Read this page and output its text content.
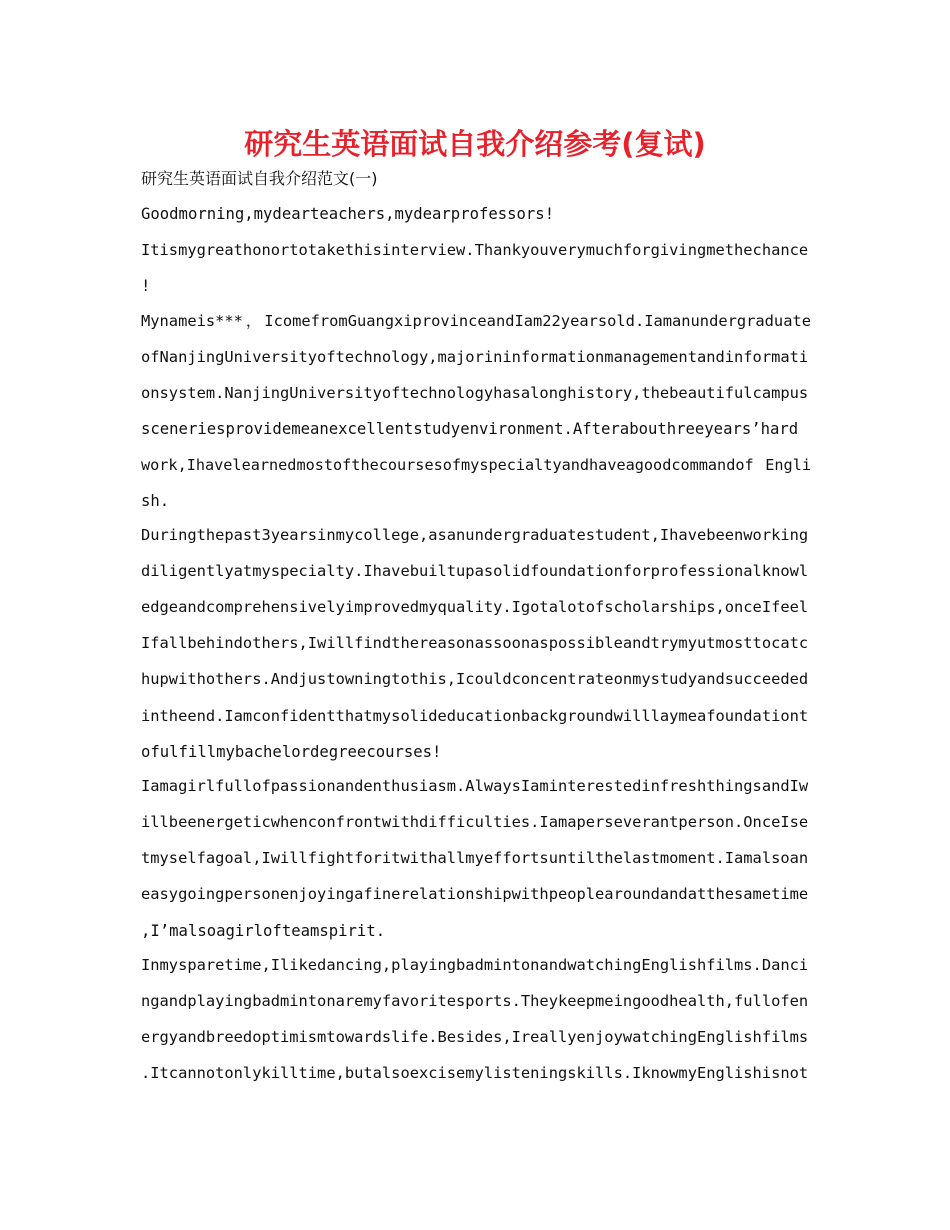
研究生英语面试自我介绍参考(复试)

研究生英语面试自我介绍范文(一)

Goodmorning,mydearteachers,mydearprofessors!

Itismygreathonortotakethisinterview.Thankyouverymuchforgivingmethechance

!

Mynameis***，IcomefromGuangxiprovinceandIam22yearsold.Iamanundergraduate

ofNanjingUniversityoftechnology,majorininformationmanagementandinformati

onsystem.NanjingUniversityoftechnologyhasalonghistory,thebeautifulcampus

sceneriesprovidemeanexcellentstudyenvironment.Afterabouthreeyears’hard

work,Ihavelearnedmostofthecoursesofmyspecialtyandhaveagoodcommandof Engli

sh.

Duringthepast3yearsinmycollege,asanundergraduatestudent,Ihavebeenworking

diligentlyatmyspecialty.Ihavebuiltupasolidfoundationforprofessionalknowl

edgeandcomprehensivelyimprovedmyquality.Igotalotofscholarships,onceIfeel

Ifallbehindothers,Iwillfindthereasonassoonaspossibleandtrymyutmosttocatc

hupwithothers.Andjustowningtothis,Icouldconcentrateonmystudyandsucceeded

intheend.Iamconfidentthatmysolideducationbackgroundwilllaymeafoundationt

ofulfillmybachelordegreecourses!

Iamagirlfullofpassionandenthusiasm.AlwaysIaminterestedinfreshthingsandIw

illbeenergeticwhenconfrontwithdifficulties.Iamaperseverantperson.OnceIse

tmyselfagoal,Iwillfightforitwithallmyeffortsuntilthelastmoment.Iamalsoan

easygoingpersonenjoyingafinerelationshipwithpeoplearoundandatthesametime

,I’malsoagirlofteamspirit.

Inmysparetime,Ilikedancing,playingbadmintonandwatchingEnglishfilms.Danci

ngandplayingbadmintonaremyfavoritesports.Theykeepmeingoodhealth,fullofen

ergyandbreedoptimismtowardslife.Besides,IreallyenjoywatchingEnglishfilms

.Itcannotonlykilltime,butalsoexcisemylisteningskills.IknowmyEnglishisnot
